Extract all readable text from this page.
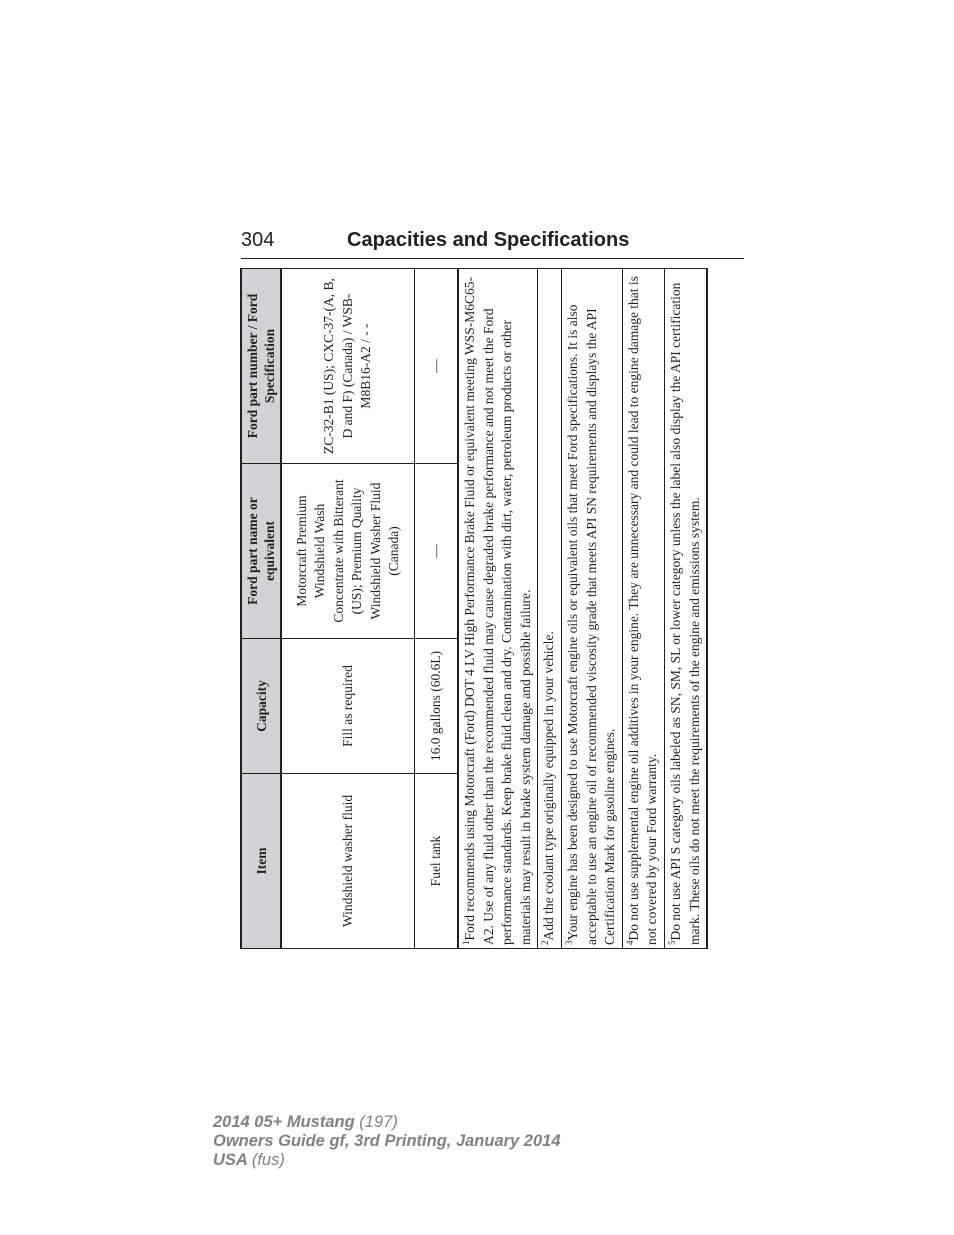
304	Capacities and Specifications
Item	Capacity	Ford part name or equivalent	Ford part number / Ford Specification
Windshield washer fluid	Fill as required	Motorcraft Premium Windshield Wash Concentrate with Bitterant (US); Premium Quality Windshield Washer Fluid (Canada)	ZC-32-B1 (US); CXC-37-(A, B, D and F) (Canada) / WSB-M8B16-A2 / - -
Fuel tank	16.0 gallons (60.6L)	—	—
$^1$Ford recommends using Motorcraft (Ford) DOT 4 LV High Performance Brake Fluid or equivalent meeting WSS-M6C65-A2. Use of any fluid other than the recommended fluid may cause degraded brake performance and not meet the Ford performance standards. Keep brake fluid clean and dry. Contamination with dirt, water, petroleum products or other materials may result in brake system damage and possible failure.			
$^2$Add the coolant type originally equipped in your vehicle.			
$^3$Your engine has been designed to use Motorcraft engine oils or equivalent oils that meet Ford specifications. It is also acceptable to use an engine oil of recommended viscosity grade that meets API SN requirements and displays the API Certification Mark for gasoline engines.			
$^4$Do not use supplemental engine oil additives in your engine. They are unnecessary and could lead to engine damage that is not covered by your Ford warranty.			
$^5$Do not use API S category oils labeled as SN, SM, SL or lower category unless the label also display the API certification mark. These oils do not meet the requirements of the engine and emissions system.			
2014 05+ Mustang (197)
Owners Guide gf, 3rd Printing, January 2014
USA (fus)
